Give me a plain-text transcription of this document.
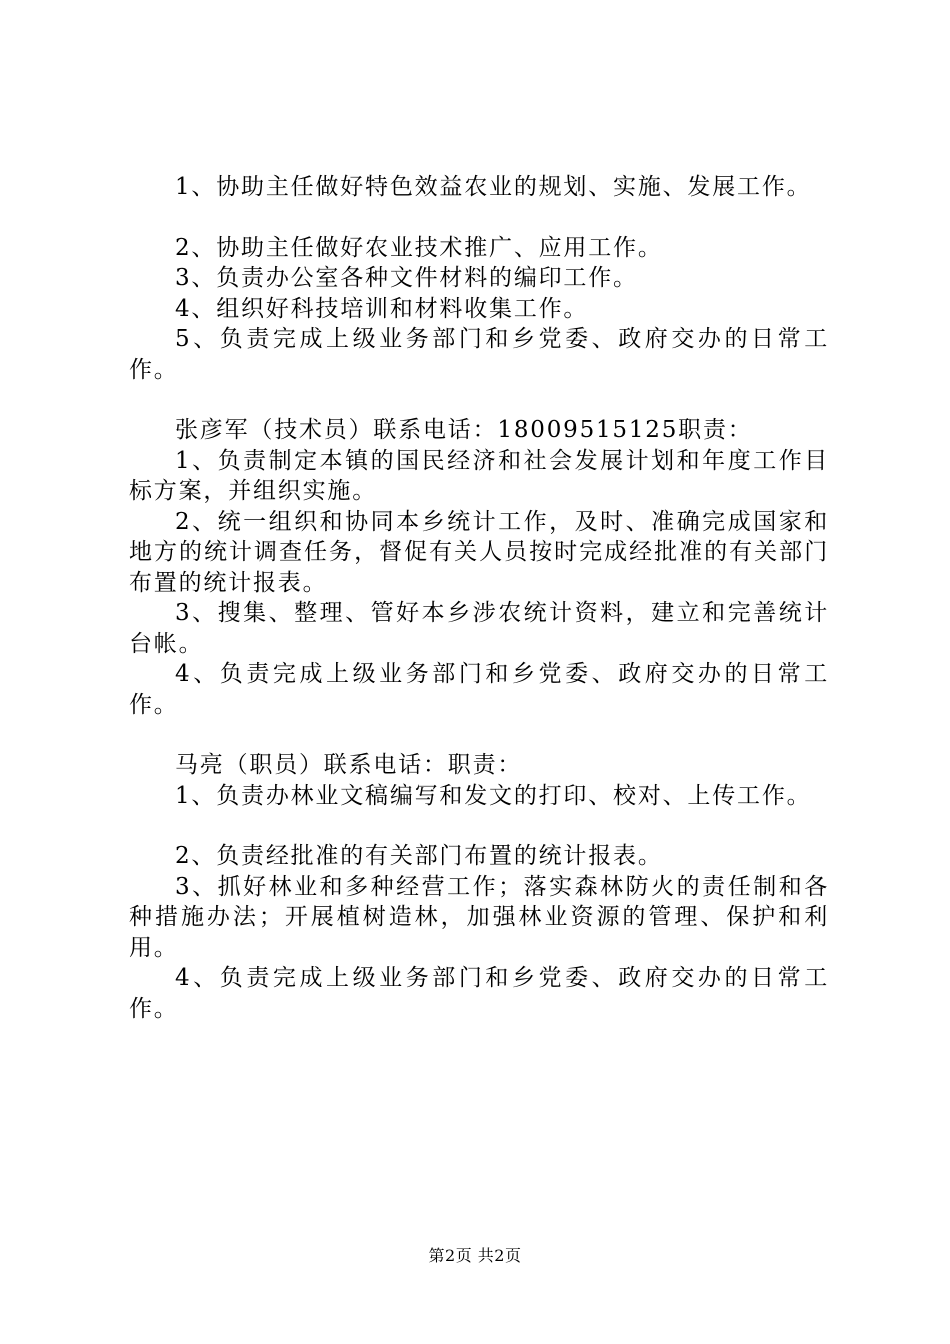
1、协助主任做好特色效益农业的规划、实施、发展工作。

2、协助主任做好农业技术推广、应用工作。

3、负责办公室各种文件材料的编印工作。

4、组织好科技培训和材料收集工作。

5、负责完成上级业务部门和乡党委、政府交办的日常工作。

张彦军（技术员）联系电话：18009515125职责：

1、负责制定本镇的国民经济和社会发展计划和年度工作目标方案，并组织实施。

2、统一组织和协同本乡统计工作，及时、准确完成国家和地方的统计调查任务，督促有关人员按时完成经批准的有关部门布置的统计报表。

3、搜集、整理、管好本乡涉农统计资料，建立和完善统计台帐。

4、负责完成上级业务部门和乡党委、政府交办的日常工作。

马亮（职员）联系电话：职责：

1、负责办林业文稿编写和发文的打印、校对、上传工作。

2、负责经批准的有关部门布置的统计报表。

3、抓好林业和多种经营工作；落实森林防火的责任制和各种措施办法；开展植树造林，加强林业资源的管理、保护和利用。

4、负责完成上级业务部门和乡党委、政府交办的日常工作。

第2页 共2页
